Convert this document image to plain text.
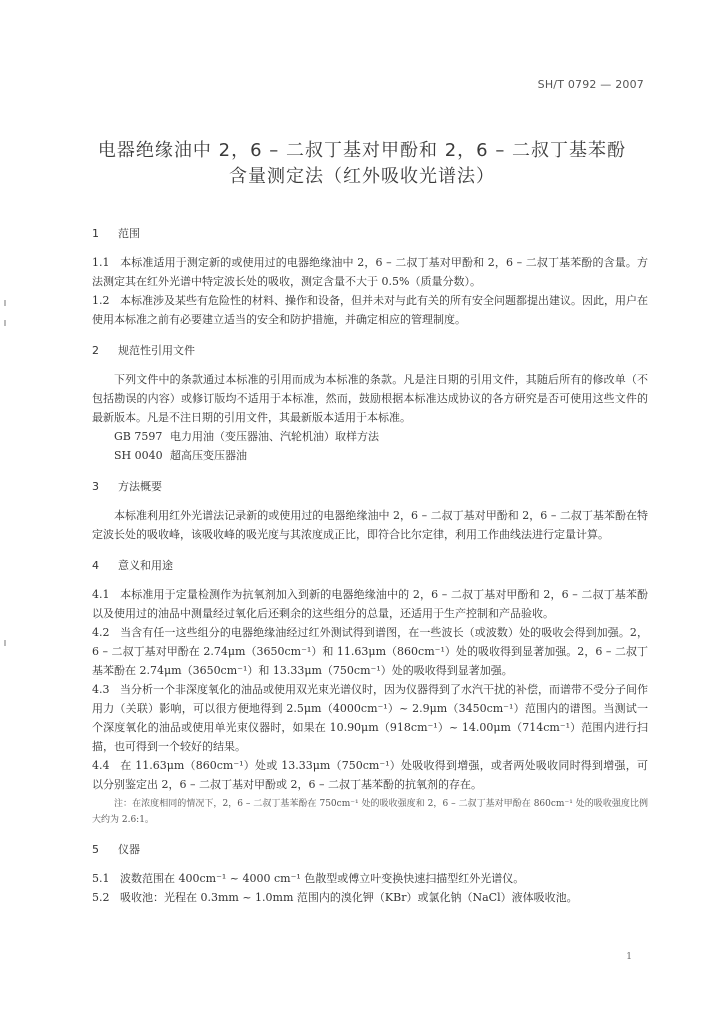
SH/T 0792 — 2007
电器绝缘油中 2，6 – 二叔丁基对甲酚和 2，6 – 二叔丁基苯酚
含量测定法（红外吸收光谱法）
1 范围

1.1 本标准适用于测定新的或使用过的电器绝缘油中 2，6 – 二叔丁基对甲酚和 2，6 – 二叔丁基苯酚的含量。方法测定其在红外光谱中特定波长处的吸收，测定含量不大于 0.5%（质量分数）。

1.2 本标准涉及某些有危险性的材料、操作和设备，但并未对与此有关的所有安全问题都提出建议。因此，用户在使用本标准之前有必要建立适当的安全和防护措施，并确定相应的管理制度。

2 规范性引用文件

下列文件中的条款通过本标准的引用而成为本标准的条款。凡是注日期的引用文件，其随后所有的修改单（不包括勘误的内容）或修订版均不适用于本标准，然而，鼓励根据本标准达成协议的各方研究是否可使用这些文件的最新版本。凡是不注日期的引用文件，其最新版本适用于本标准。

GB 7597 电力用油（变压器油、汽轮机油）取样方法

SH 0040 超高压变压器油

3 方法概要

本标准利用红外光谱法记录新的或使用过的电器绝缘油中 2，6 – 二叔丁基对甲酚和 2，6 – 二叔丁基苯酚在特定波长处的吸收峰，该吸收峰的吸光度与其浓度成正比，即符合比尔定律，利用工作曲线法进行定量计算。

4 意义和用途

4.1 本标准用于定量检测作为抗氧剂加入到新的电器绝缘油中的 2，6 – 二叔丁基对甲酚和 2，6 – 二叔丁基苯酚以及使用过的油品中测量经过氧化后还剩余的这些组分的总量，还适用于生产控制和产品验收。

4.2 当含有任一这些组分的电器绝缘油经过红外测试得到谱图，在一些波长（或波数）处的吸收会得到加强。2，6 – 二叔丁基对甲酚在 2.74μm（3650cm⁻¹）和 11.63μm（860cm⁻¹）处的吸收得到显著加强。2，6 – 二叔丁基苯酚在 2.74μm（3650cm⁻¹）和 13.33μm（750cm⁻¹）处的吸收得到显著加强。

4.3 当分析一个非深度氧化的油品或使用双光束光谱仪时，因为仪器得到了水汽干扰的补偿，而谱带不受分子间作用力（关联）影响，可以很方便地得到 2.5μm（4000cm⁻¹）~ 2.9μm（3450cm⁻¹）范围内的谱图。当测试一个深度氧化的油品或使用单光束仪器时，如果在 10.90μm（918cm⁻¹）~ 14.00μm（714cm⁻¹）范围内进行扫描，也可得到一个较好的结果。

4.4 在 11.63μm（860cm⁻¹）处或 13.33μm（750cm⁻¹）处吸收得到增强，或者两处吸收同时得到增强，可以分别鉴定出 2，6 – 二叔丁基对甲酚或 2，6 – 二叔丁基苯酚的抗氧剂的存在。

注：在浓度相同的情况下，2，6 – 二叔丁基苯酚在 750cm⁻¹ 处的吸收强度和 2，6 – 二叔丁基对甲酚在 860cm⁻¹ 处的吸收强度比例大约为 2.6:1。

5 仪器

5.1 波数范围在 400cm⁻¹ ~ 4000 cm⁻¹ 色散型或傅立叶变换快速扫描型红外光谱仪。

5.2 吸收池：光程在 0.3mm ~ 1.0mm 范围内的溴化钾（KBr）或氯化钠（NaCl）液体吸收池。

1
